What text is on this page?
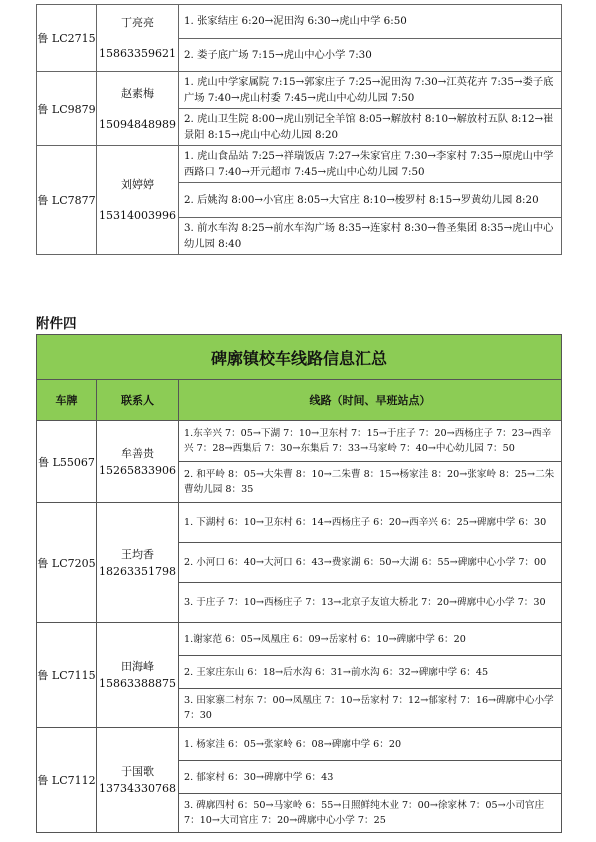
鲁 LC2715	丁亮亮
15863359621	1. 张家结庄 6:20→泥田沟 6:30→虎山中学 6:50
		2. 娄子底广场 7:15→虎山中心小学 7:30
鲁 LC9879	赵素梅
15094848989	1. 虎山中学家属院 7:15→郭家庄子 7:25→泥田沟 7:30→江英花卉 7:35→娄子底广场 7:40→虎山村委 7:45→虎山中心幼儿园 7:50
		2. 虎山卫生院 8:00→虎山别记全羊馆 8:05→解放村 8:10→解放村五队 8:12→崔景阳 8:15→虎山中心幼儿园 8:20
鲁 LC7877	刘婷婷
15314003996	1. 虎山食品站 7:25→祥瑞饭店 7:27→朱家官庄 7:30→李家村 7:35→原虎山中学西路口 7:40→开元超市 7:45→虎山中心幼儿园 7:50
		2. 后姚沟 8:00→小官庄 8:05→大官庄 8:10→梭罗村 8:15→罗黄幼儿园 8:20
		3. 前水车沟 8:25→前水车沟广场 8:35→连家村 8:30→鲁圣集团 8:35→虎山中心幼儿园 8:40
附件四
碑廓镇校车线路信息汇总		
车牌	联系人	线路（时间、早班站点）
鲁 L55067	牟善贵
15265833906	1.东辛兴 7：05→下湖 7：10→卫东村 7：15→于庄子 7：20→西杨庄子 7：23→西辛兴 7：28→西集后 7：30→东集后 7：33→马家岭 7：40→中心幼儿园 7：50
		2. 和平岭 8：05→大朱曹 8：10→二朱曹 8：15→杨家洼 8：20→张家岭 8：25→二朱曹幼儿园 8：35
鲁 LC7205	王均香
18263351798	1. 下湖村 6：10→卫东村 6：14→西杨庄子 6：20→西辛兴 6：25→碑廓中学 6：30
		2. 小河口 6：40→大河口 6：43→费家湖 6：50→大湖 6：55→碑廓中心小学 7：00
		3. 于庄子 7：10→西杨庄子 7：13→北京子友谊大桥北 7：20→碑廓中心小学 7：30
鲁 LC7115	田海峰
15863388875	1.谢家范 6：05→凤凰庄 6：09→岳家村 6：10→碑廓中学 6：20
		2. 王家庄东山 6：18→后水沟 6：31→前水沟 6：32→碑廓中学 6：45
		3. 田家寨二村东 7：00→凤凰庄 7：10→岳家村 7：12→郁家村 7：16→碑廓中心小学 7：30
鲁 LC7112	于国歌
13734330768	1. 杨家洼 6：05→张家岭 6：08→碑廓中学 6：20
		2. 郁家村 6：30→碑廓中学 6：43
		3. 碑廓四村 6：50→马家岭 6：55→日照鲜纯木业 7：00→徐家林 7：05→小司官庄 7：10→大司官庄 7：20→碑廓中心小学 7：25
